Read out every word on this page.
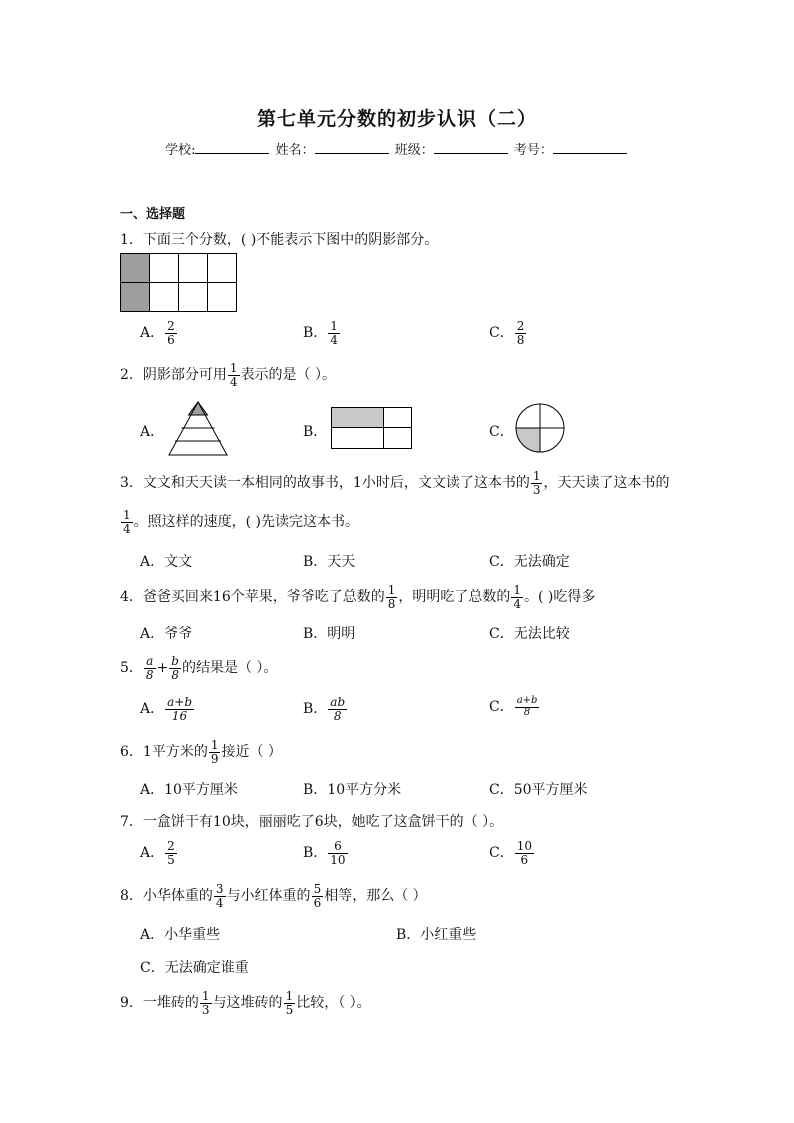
第七单元分数的初步认识（二）
学校:	姓名：	班级：	考号：
一、选择题
1．下面三个分数，( )不能表示下图中的阴影部分。

A． $\frac{2}{6}$	B． $\frac{1}{4}$	C． $\frac{2}{8}$
2．阴影部分可用 $\frac{1}{4}$ 表示的是（ ）。
A．	B．	C．
3．文文和天天读一本相同的故事书，1小时后，文文读了这本书的 $\frac{1}{3}$ ，天天读了这本书的
$\frac{1}{4}$ 。照这样的速度，( )先读完这本书。
A．文文	B．天天	C．无法确定
4．爸爸买回来16个苹果，爷爷吃了总数的 $\frac{1}{8}$ ，明明吃了总数的 $\frac{1}{4}$ 。( )吃得多
A．爷爷	B．明明	C．无法比较
5． $\frac{a}{8} + \frac{b}{8}$ 的结果是（ ）。
A． $\frac{a+b}{16}$	B． $\frac{ab}{8}$	C． $\frac{a+b}{8}$
6．1平方米的 $\frac{1}{9}$ 接近（ ）
A．10平方厘米	B．10平方分米	C．50平方厘米
7．一盒饼干有10块，丽丽吃了6块，她吃了这盒饼干的（ ）。
A． $\frac{2}{5}$	B． $\frac{6}{10}$	C． $\frac{10}{6}$
8．小华体重的 $\frac{3}{4}$ 与小红体重的 $\frac{5}{6}$ 相等，那么（ ）
A．小华重些	B．小红重些
C．无法确定谁重
9．一堆砖的 $\frac{1}{3}$ 与这堆砖的 $\frac{1}{5}$ 比较，（ ）。
